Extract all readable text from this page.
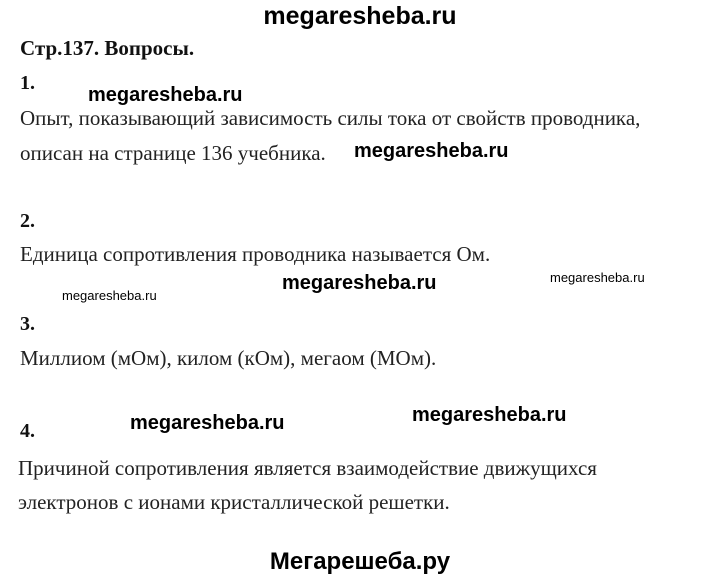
megaresheba.ru
Стр.137. Вопросы.
1.
megaresheba.ru
Опыт, показывающий зависимость силы тока от свойств проводника,
описан на странице 136 учебника. megaresheba.ru
2.
Единица сопротивления проводника называется Ом.
megaresheba.ru	megaresheba.ru
megaresheba.ru
3.
Миллиом (мОм), килом (кОм), мегаом (МОм).
megaresheba.ru	megaresheba.ru
4.
Причиной сопротивления является взаимодействие движущихся
электронов с ионами кристаллической решетки.
Мегарешеба.ру
